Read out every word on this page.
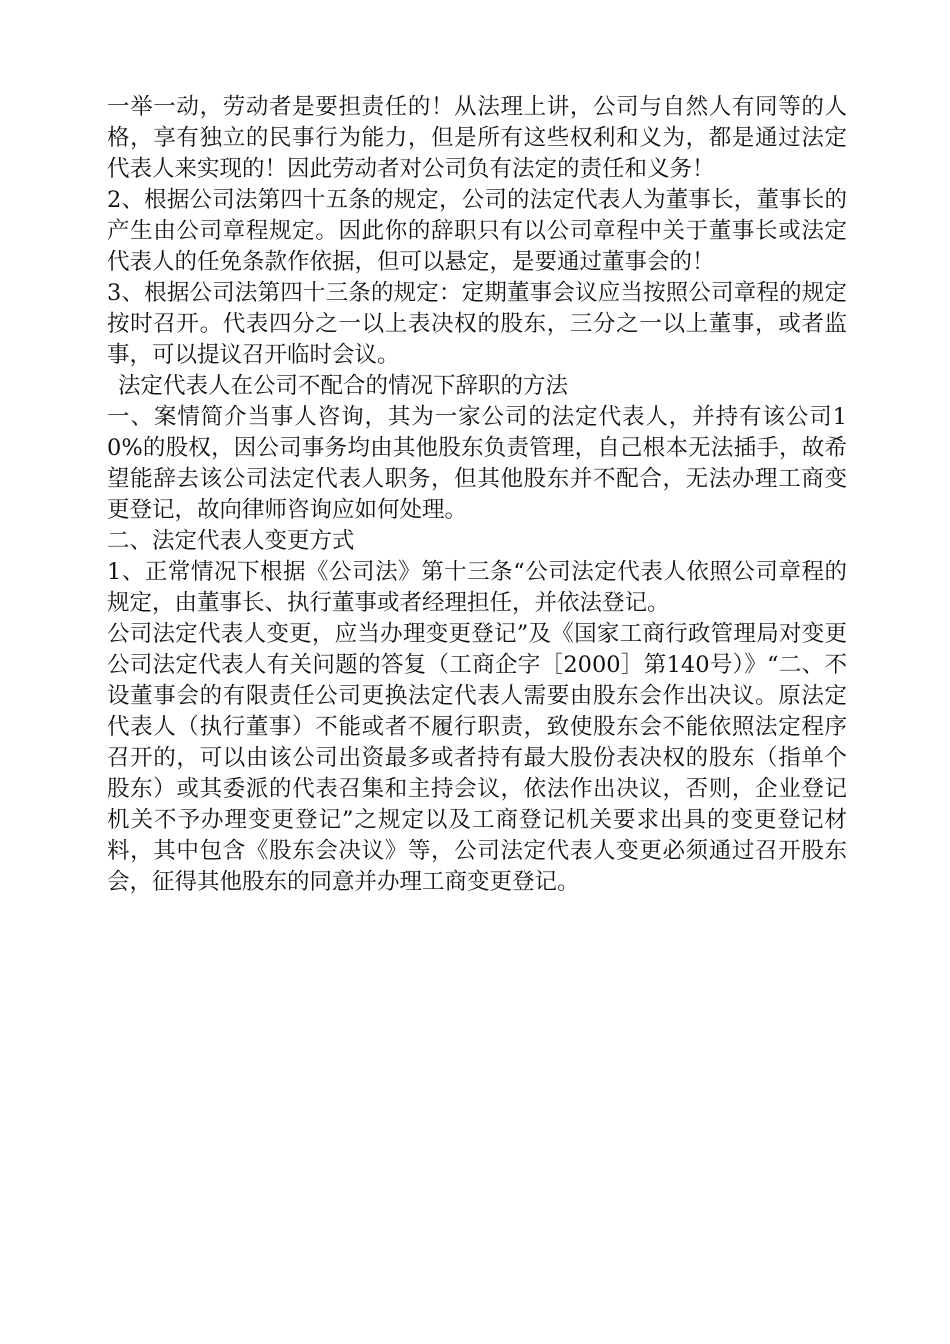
一举一动，劳动者是要担责任的！从法理上讲，公司与自然人有同等的人格，享有独立的民事行为能力，但是所有这些权利和义为，都是通过法定代表人来实现的！因此劳动者对公司负有法定的责任和义务！

2、根据公司法第四十五条的规定，公司的法定代表人为董事长，董事长的产生由公司章程规定。因此你的辞职只有以公司章程中关于董事长或法定代表人的任免条款作依据，但可以悬定，是要通过董事会的！

3、根据公司法第四十三条的规定：定期董事会议应当按照公司章程的规定按时召开。代表四分之一以上表决权的股东，三分之一以上董事，或者监事，可以提议召开临时会议。

法定代表人在公司不配合的情况下辞职的方法

一、案情简介当事人咨询，其为一家公司的法定代表人，并持有该公司10%的股权，因公司事务均由其他股东负责管理，自己根本无法插手，故希望能辞去该公司法定代表人职务，但其他股东并不配合，无法办理工商变更登记，故向律师咨询应如何处理。

二、法定代表人变更方式

1、正常情况下根据《公司法》第十三条“公司法定代表人依照公司章程的规定，由董事长、执行董事或者经理担任，并依法登记。

公司法定代表人变更，应当办理变更登记”及《国家工商行政管理局对变更公司法定代表人有关问题的答复（工商企字［2000］第140号）》“二、不设董事会的有限责任公司更换法定代表人需要由股东会作出决议。原法定代表人（执行董事）不能或者不履行职责，致使股东会不能依照法定程序召开的，可以由该公司出资最多或者持有最大股份表决权的股东（指单个股东）或其委派的代表召集和主持会议，依法作出决议，否则，企业登记机关不予办理变更登记”之规定以及工商登记机关要求出具的变更登记材料，其中包含《股东会决议》等，公司法定代表人变更必须通过召开股东会，征得其他股东的同意并办理工商变更登记。
